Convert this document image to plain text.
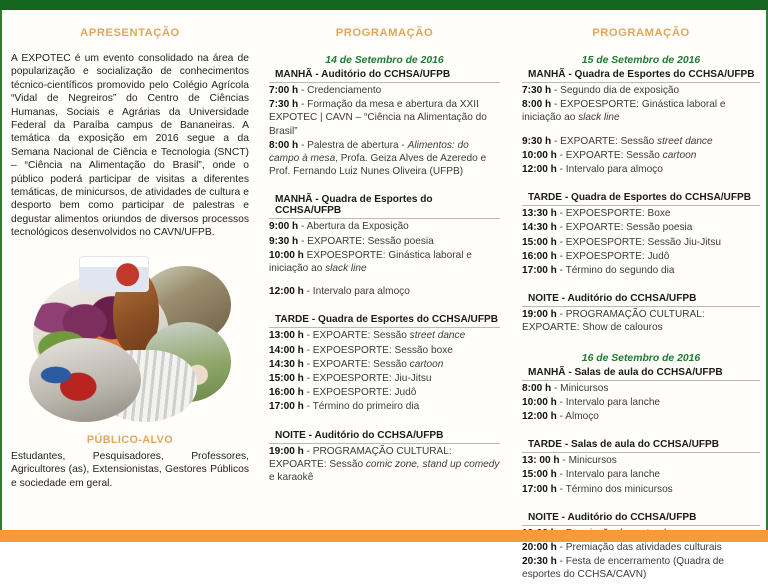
APRESENTAÇÃO
A EXPOTEC é um evento consolidado na área de popularização e socialização de conhecimentos técnico-científicos promovido pelo Colégio Agrícola “Vidal de Negreiros” do Centro de Ciências Humanas, Sociais e Agrárias da Universidade Federal da Paraíba campus de Bananeiras. A temática da exposição em 2016 segue a da Semana Nacional de Ciência e Tecnologia (SNCT) – “Ciência na Alimentação do Brasil”, onde o público poderá participar de visitas a diferentes temáticas, de minicursos, de atividades de cultura e desporto bem como participar de palestras e degustar alimentos oriundos de diversos processos tecnológicos desenvolvidos no CAVN/UFPB.
PÚBLICO-ALVO
Estudantes, Pesquisadores, Professores, Agricultores (as), Extensionistas, Gestores Públicos e sociedade em geral.
PROGRAMAÇÃO
14 de Setembro de 2016
MANHÃ - Auditório do CCHSA/UFPB
7:00 h - Credenciamento
7:30 h - Formação da mesa e abertura da XXII EXPOTEC | CAVN – “Ciência na Alimentação do Brasil”
8:00 h - Palestra de abertura - Alimentos: do campo à mesa, Profa. Geiza Alves de Azeredo e Prof. Fernando Luiz Nunes Oliveira (UFPB)
MANHÃ - Quadra de Esportes do CCHSA/UFPB
9:00 h - Abertura da Exposição
9:30 h - EXPOARTE: Sessão poesia
10:00 h EXPOESPORTE: Ginástica laboral e iniciação ao slack line
12:00 h - Intervalo para almoço
TARDE - Quadra de Esportes do CCHSA/UFPB
13:00 h - EXPOARTE: Sessão street dance
14:00 h - EXPOESPORTE: Sessão boxe
14:30 h - EXPOARTE: Sessão cartoon
15:00 h - EXPOESPORTE: Jiu-Jitsu
16:00 h - EXPOESPORTE: Judô
17:00 h - Término do primeiro dia
NOITE - Auditório do CCHSA/UFPB
19:00 h - PROGRAMAÇÃO CULTURAL: EXPOARTE: Sessão comic zone, stand up comedy e karaokê
PROGRAMAÇÃO
15 de Setembro de 2016
MANHÃ - Quadra de Esportes do CCHSA/UFPB
7:30 h - Segundo dia de exposição
8:00 h - EXPOESPORTE: Ginástica laboral e iniciação ao slack line
9:30 h - EXPOARTE: Sessão street dance
10:00 h - EXPOARTE: Sessão cartoon
12:00 h - Intervalo para almoço
TARDE - Quadra de Esportes do CCHSA/UFPB
13:30 h - EXPOESPORTE: Boxe
14:30 h - EXPOARTE: Sessão poesia
15:00 h - EXPOESPORTE: Sessão Jiu-Jitsu
16:00 h - EXPOESPORTE: Judô
17:00 h - Término do segundo dia
NOITE - Auditório do CCHSA/UFPB
19:00 h - PROGRAMAÇÃO CULTURAL: EXPOARTE: Show de calouros
16 de Setembro de 2016
MANHÃ - Salas de aula do CCHSA/UFPB
8:00 h - Minicursos
10:00 h - Intervalo para lanche
12:00 h - Almoço
TARDE - Salas de aula do CCHSA/UFPB
13: 00 h - Minicursos
15:00 h - Intervalo para lanche
17:00 h - Término dos minicursos
NOITE - Auditório do CCHSA/UFPB
20:00 h - Premiação das atividades culturais
20:30 h - Festa de encerramento (Quadra de esportes do CCHSA/CAVN)
